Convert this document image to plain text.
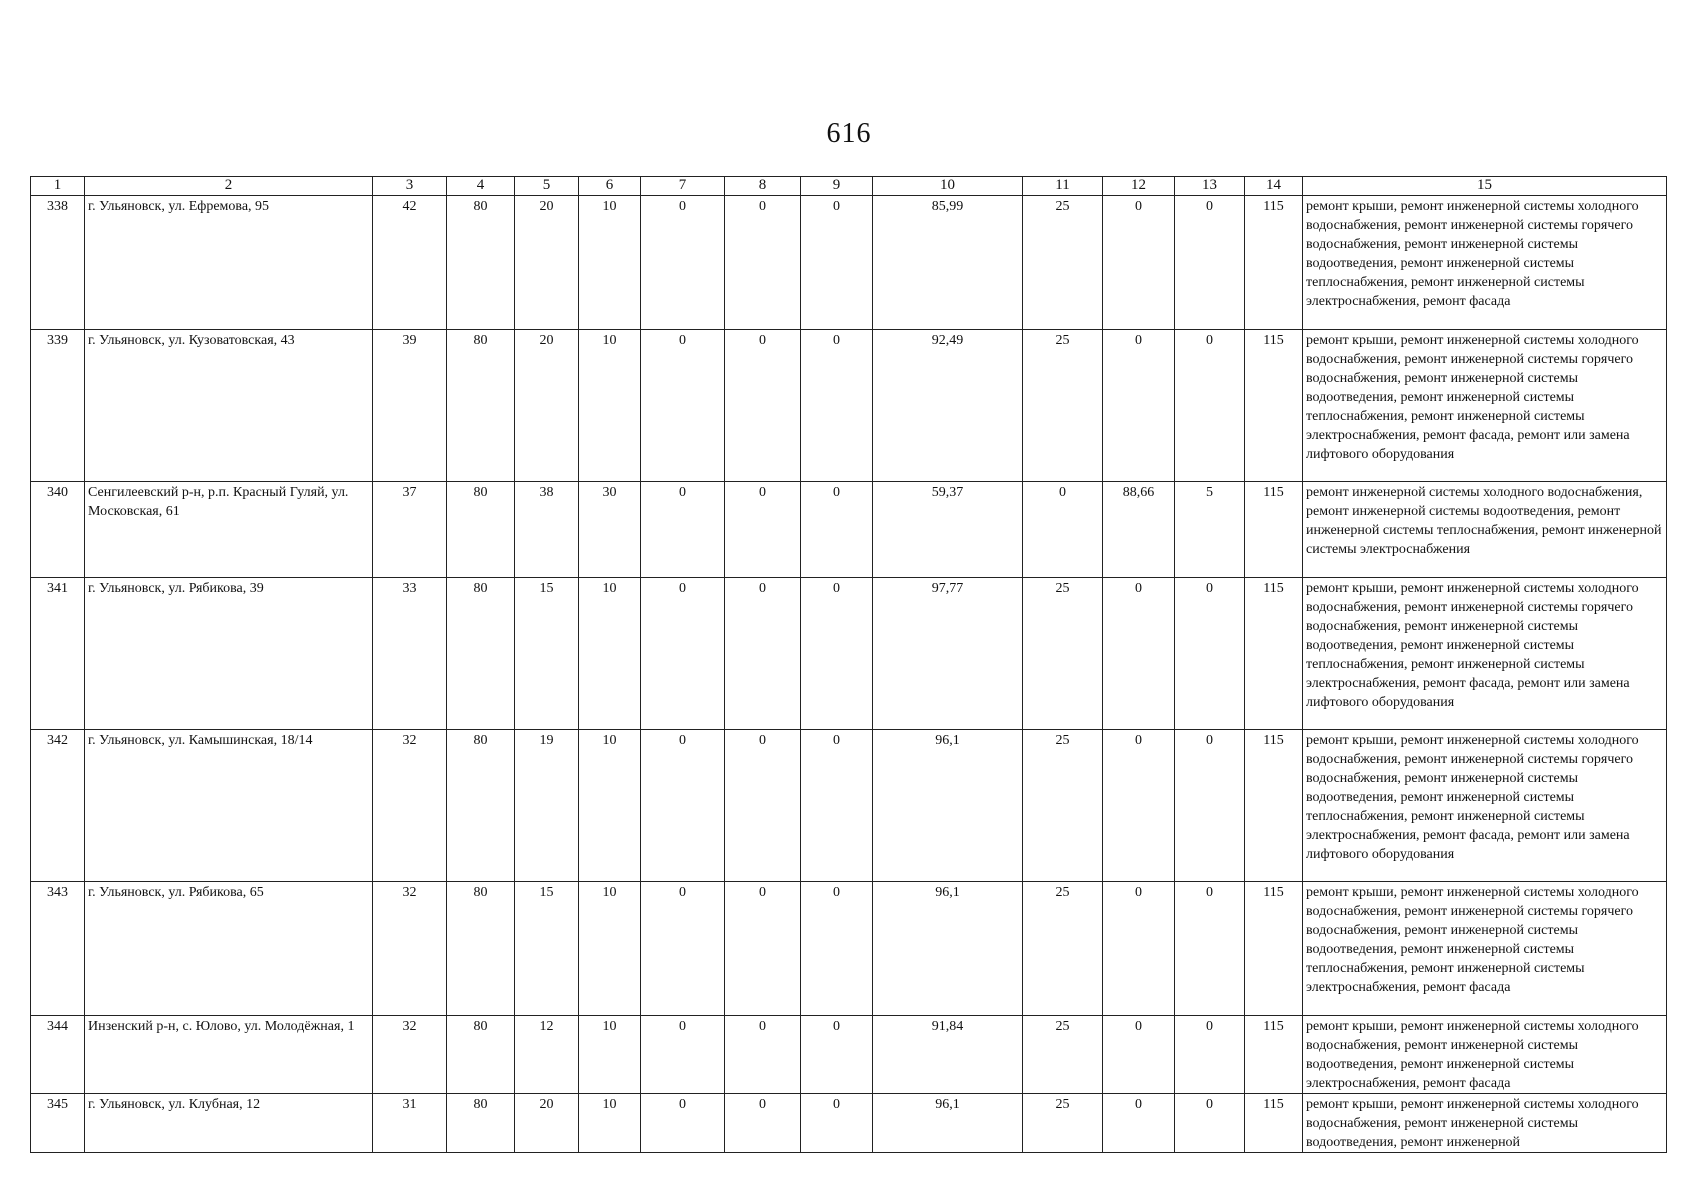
616
1	2	3	4	5	6	7	8	9	10	11	12	13	14	15
338	г. Ульяновск, ул. Ефремова, 95	42	80	20	10	0	0	0	85,99	25	0	0	115	ремонт крыши, ремонт инженерной системы холодного водоснабжения, ремонт инженерной системы горячего водоснабжения, ремонт инженерной системы водоотведения, ремонт инженерной системы теплоснабжения, ремонт инженерной системы электроснабжения, ремонт фасада
339	г. Ульяновск, ул. Кузоватовская, 43	39	80	20	10	0	0	0	92,49	25	0	0	115	ремонт крыши, ремонт инженерной системы холодного водоснабжения, ремонт инженерной системы горячего водоснабжения, ремонт инженерной системы водоотведения, ремонт инженерной системы теплоснабжения, ремонт инженерной системы электроснабжения, ремонт фасада, ремонт или замена лифтового оборудования
340	Сенгилеевский р-н, р.п. Красный Гуляй, ул. Московская, 61	37	80	38	30	0	0	0	59,37	0	88,66	5	115	ремонт инженерной системы холодного водоснабжения, ремонт инженерной системы водоотведения, ремонт инженерной системы теплоснабжения, ремонт инженерной системы электроснабжения
341	г. Ульяновск, ул. Рябикова, 39	33	80	15	10	0	0	0	97,77	25	0	0	115	ремонт крыши, ремонт инженерной системы холодного водоснабжения, ремонт инженерной системы горячего водоснабжения, ремонт инженерной системы водоотведения, ремонт инженерной системы теплоснабжения, ремонт инженерной системы электроснабжения, ремонт фасада, ремонт или замена лифтового оборудования
342	г. Ульяновск, ул. Камышинская, 18/14	32	80	19	10	0	0	0	96,1	25	0	0	115	ремонт крыши, ремонт инженерной системы холодного водоснабжения, ремонт инженерной системы горячего водоснабжения, ремонт инженерной системы водоотведения, ремонт инженерной системы теплоснабжения, ремонт инженерной системы электроснабжения, ремонт фасада, ремонт или замена лифтового оборудования
343	г. Ульяновск, ул. Рябикова, 65	32	80	15	10	0	0	0	96,1	25	0	0	115	ремонт крыши, ремонт инженерной системы холодного водоснабжения, ремонт инженерной системы горячего водоснабжения, ремонт инженерной системы водоотведения, ремонт инженерной системы теплоснабжения, ремонт инженерной системы электроснабжения, ремонт фасада
344	Инзенский р-н, с. Юлово, ул. Молодёжная, 1	32	80	12	10	0	0	0	91,84	25	0	0	115	ремонт крыши, ремонт инженерной системы холодного водоснабжения, ремонт инженерной системы водоотведения, ремонт инженерной системы электроснабжения, ремонт фасада
345	г. Ульяновск, ул. Клубная, 12	31	80	20	10	0	0	0	96,1	25	0	0	115	ремонт крыши, ремонт инженерной системы холодного водоснабжения, ремонт инженерной системы водоотведения, ремонт инженерной
